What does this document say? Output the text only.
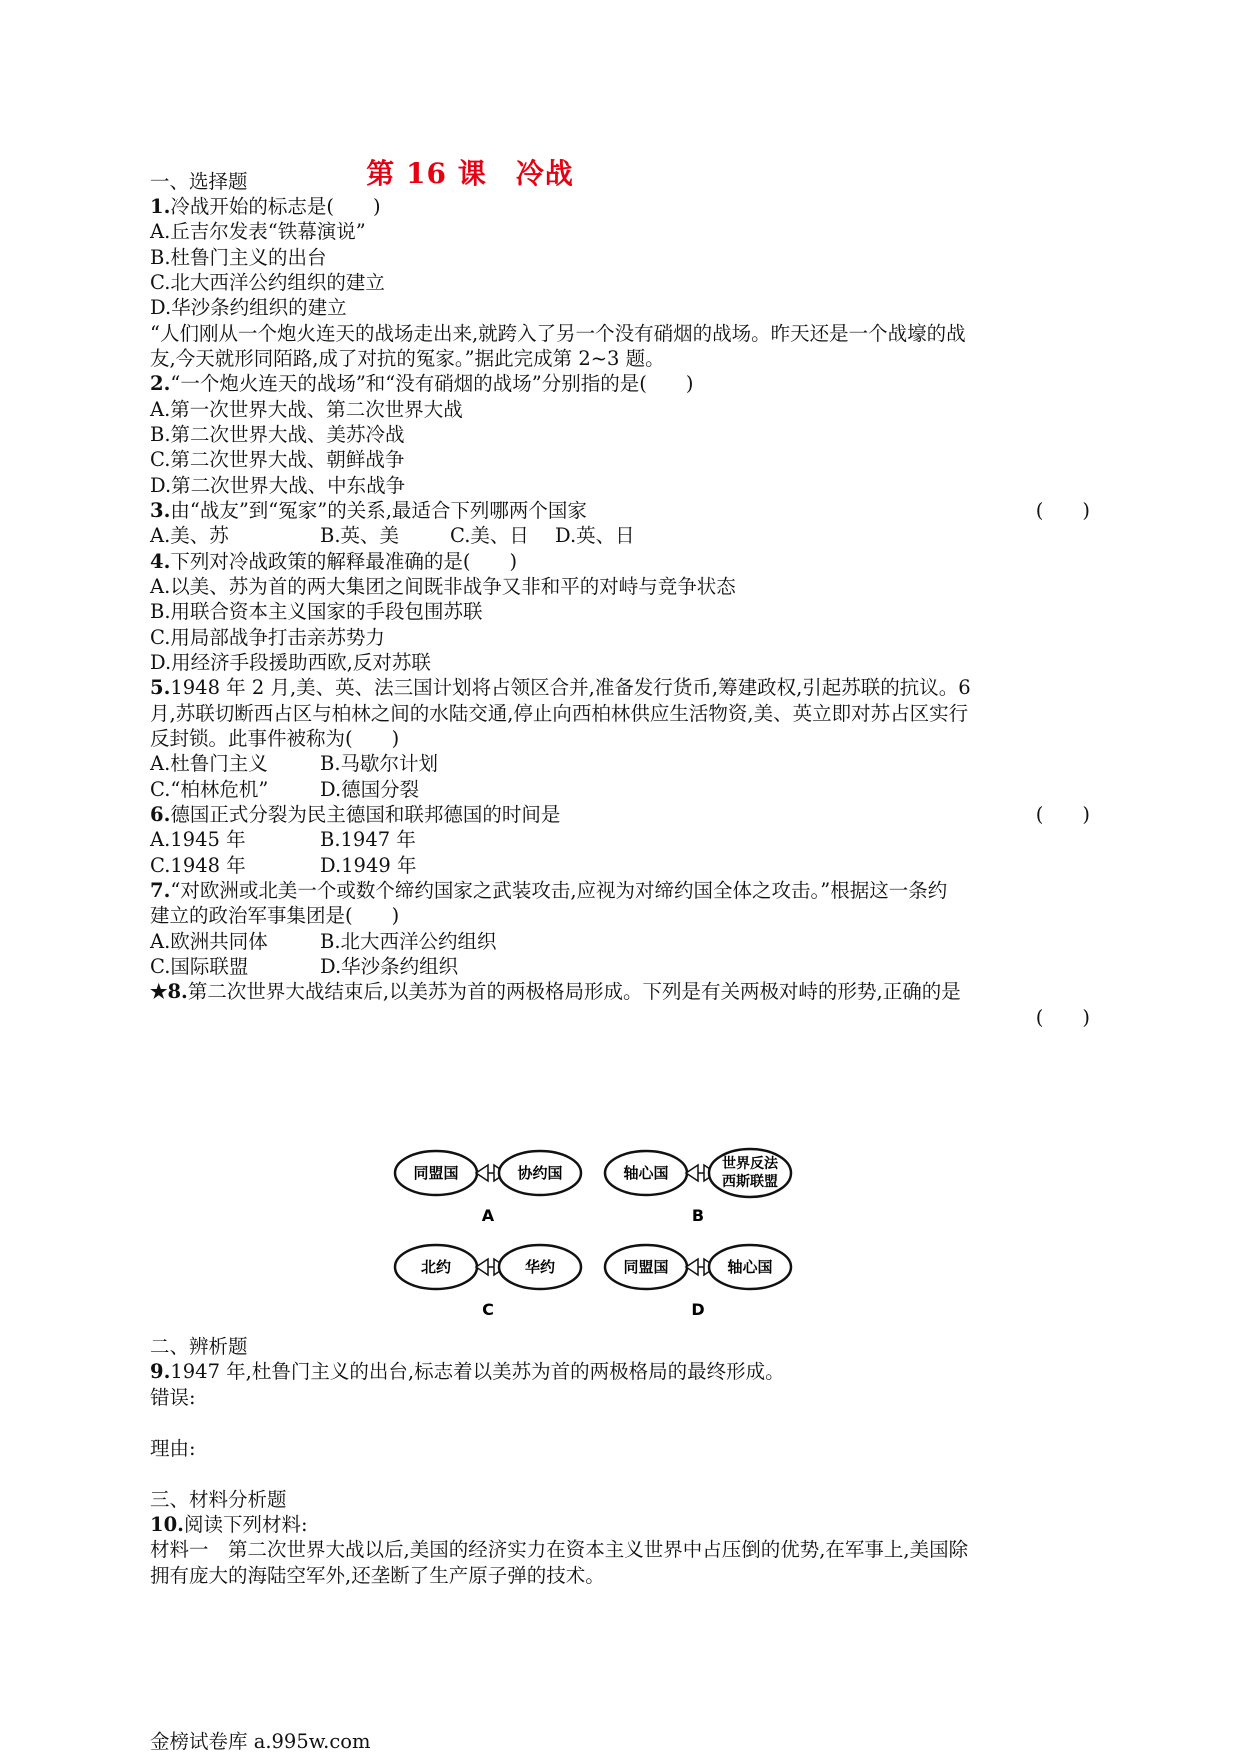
第 16 课　冷战
一、选择题
1.冷战开始的标志是(　　)
A.丘吉尔发表“铁幕演说”
B.杜鲁门主义的出台
C.北大西洋公约组织的建立
D.华沙条约组织的建立
“人们刚从一个炮火连天的战场走出来,就跨入了另一个没有硝烟的战场。昨天还是一个战壕的战
友,今天就形同陌路,成了对抗的冤家。”据此完成第 2~3 题。
2.“一个炮火连天的战场”和“没有硝烟的战场”分别指的是(　　)
A.第一次世界大战、第二次世界大战
B.第二次世界大战、美苏冷战
C.第二次世界大战、朝鲜战争
D.第二次世界大战、中东战争
3.由“战友”到“冤家”的关系,最适合下列哪两个国家	(　　)
A.美、苏	B.英、美	C.美、日 D.英、日
4.下列对冷战政策的解释最准确的是(　　)
A.以美、苏为首的两大集团之间既非战争又非和平的对峙与竞争状态
B.用联合资本主义国家的手段包围苏联
C.用局部战争打击亲苏势力
D.用经济手段援助西欧,反对苏联
5.1948 年 2 月,美、英、法三国计划将占领区合并,准备发行货币,筹建政权,引起苏联的抗议。6
月,苏联切断西占区与柏林之间的水陆交通,停止向西柏林供应生活物资,美、英立即对苏占区实行
反封锁。此事件被称为(　　)
A.杜鲁门主义	B.马歇尔计划
C.“柏林危机”	D.德国分裂
6.德国正式分裂为民主德国和联邦德国的时间是	(　　)
A.1945 年	B.1947 年
C.1948 年	D.1949 年
7.“对欧洲或北美一个或数个缔约国家之武装攻击,应视为对缔约国全体之攻击。”根据这一条约
建立的政治军事集团是(　　)
A.欧洲共同体	B.北大西洋公约组织
C.国际联盟	D.华沙条约组织
★8.第二次世界大战结束后,以美苏为首的两极格局形成。下列是有关两极对峙的形势,正确的是
(　　)
同盟国	协约国
A
轴心国	世界反法
西斯联盟
B
北约	华约
C
同盟国	轴心国
D
二、辨析题
9.1947 年,杜鲁门主义的出台,标志着以美苏为首的两极格局的最终形成。
错误:
理由:
三、材料分析题
10.阅读下列材料:
材料一　第二次世界大战以后,美国的经济实力在资本主义世界中占压倒的优势,在军事上,美国除
拥有庞大的海陆空军外,还垄断了生产原子弹的技术。
金榜试卷库 a.995w.com
